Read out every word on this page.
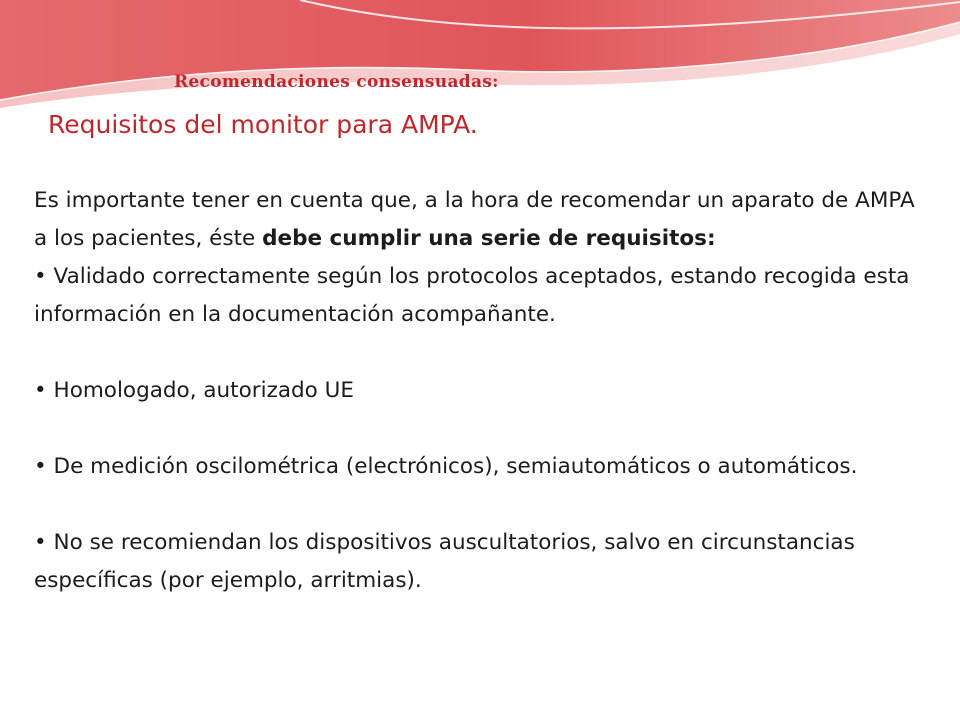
Recomendaciones consensuadas:
Requisitos del monitor para AMPA.

Es importante tener en cuenta que, a la hora de recomendar un aparato de AMPA a los pacientes, éste debe cumplir una serie de requisitos:

• Validado correctamente según los protocolos aceptados, estando recogida esta información en la documentación acompañante.

• Homologado, autorizado UE

• De medición oscilométrica (electrónicos), semiautomáticos o automáticos.

• No se recomiendan los dispositivos auscultatorios, salvo en circunstancias específicas (por ejemplo, arritmias).
